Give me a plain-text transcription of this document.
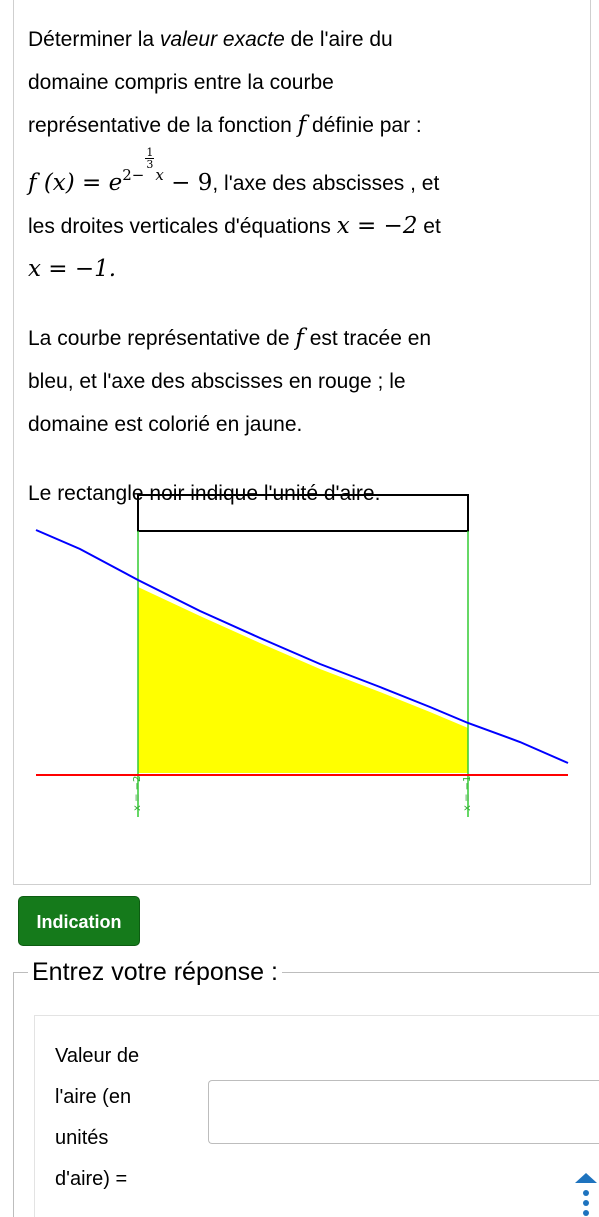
Déterminer la valeur exacte de l'aire du
domaine compris entre la courbe
représentative de la fonction f définie par :
f $(x) = e^{2- \frac{1}{3} x} - 9$, l'axe des abscisses , et
les droites verticales d'équations x = −2 et
x = −1.

La courbe représentative de f est tracée en
bleu, et l'axe des abscisses en rouge ; le
domaine est colorié en jaune.

Le rectangle noir indique l'unité d'aire.

x = −2	x = −1
Indication
Entrez votre réponse :
Valeur de
l'aire (en
unités
d'aire) =
